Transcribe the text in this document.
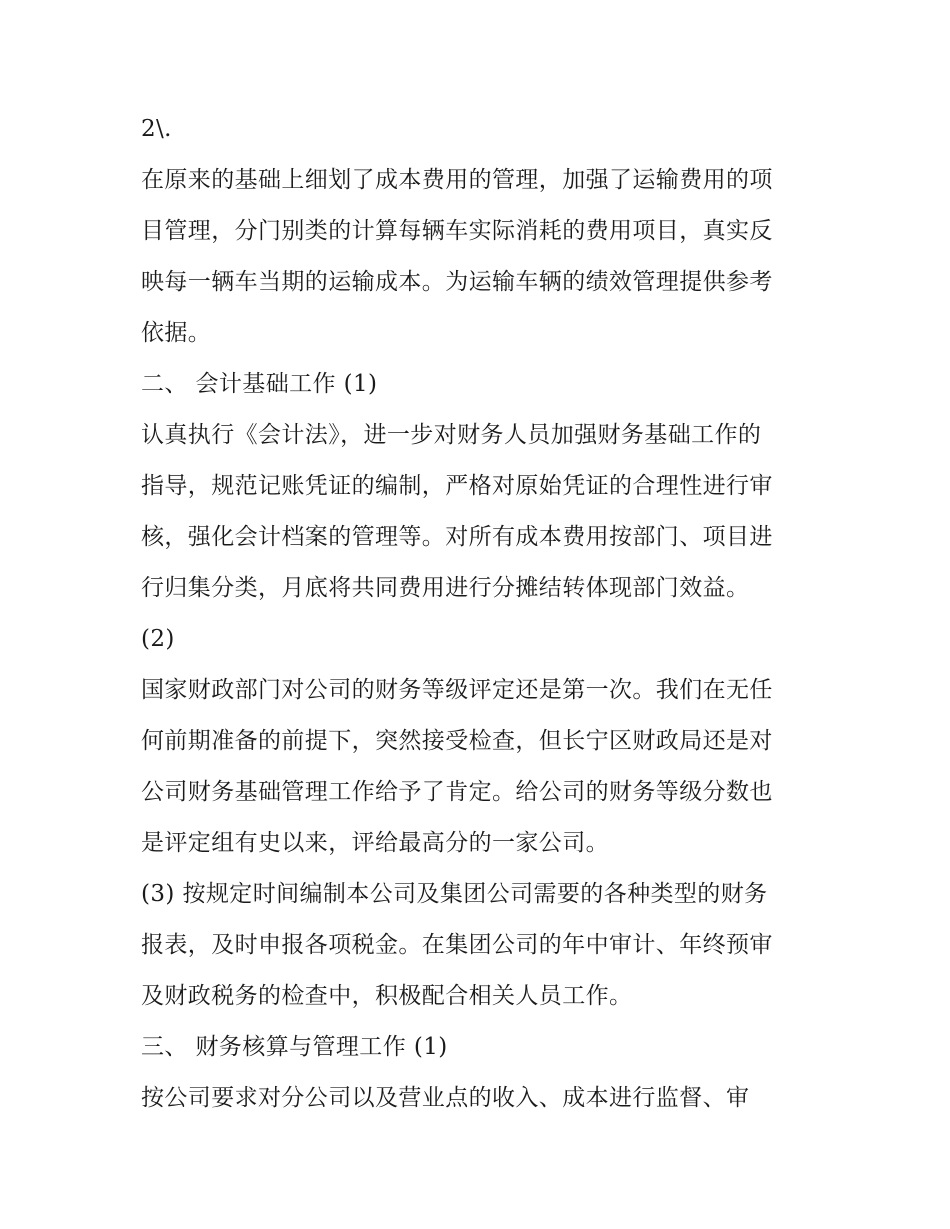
2\.
在原来的基础上细划了成本费用的管理，加强了运输费用的项
目管理，分门别类的计算每辆车实际消耗的费用项目，真实反
映每一辆车当期的运输成本。为运输车辆的绩效管理提供参考
依据。
二、 会计基础工作 (1)
认真执行《会计法》，进一步对财务人员加强财务基础工作的
指导，规范记账凭证的编制，严格对原始凭证的合理性进行审
核，强化会计档案的管理等。对所有成本费用按部门、项目进
行归集分类，月底将共同费用进行分摊结转体现部门效益。
(2)
国家财政部门对公司的财务等级评定还是第一次。我们在无任
何前期准备的前提下，突然接受检查，但长宁区财政局还是对
公司财务基础管理工作给予了肯定。给公司的财务等级分数也
是评定组有史以来，评给最高分的一家公司。
(3) 按规定时间编制本公司及集团公司需要的各种类型的财务
报表，及时申报各项税金。在集团公司的年中审计、年终预审
及财政税务的检查中，积极配合相关人员工作。
三、 财务核算与管理工作 (1)
按公司要求对分公司以及营业点的收入、成本进行监督、审
